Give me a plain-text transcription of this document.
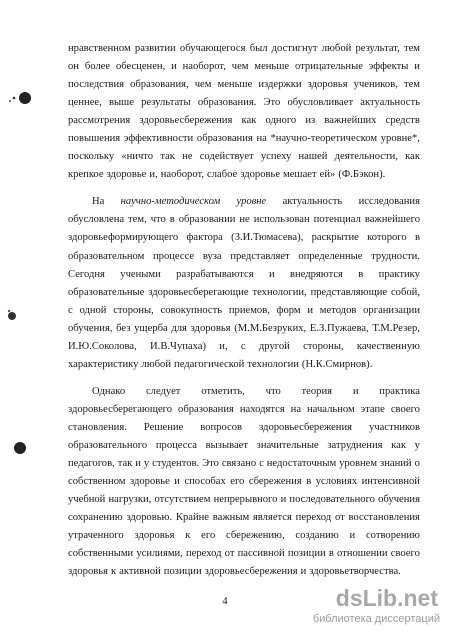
нравственном развитии обучающегося был достигнут любой результат, тем
он более обесценен, и наоборот, чем меньше отрицательные эффекты и
последствия образования, чем меньше издержки здоровья учеников, тем
ценнее, выше результаты образования. Это обусловливает актуальность
рассмотрения здоровьесбережения как одного из важнейших средств
повышения эффективности образования на *научно-теоретическом уровне*,
поскольку «ничто так не содействует успеху нашей деятельности, как
крепкое здоровье и, наоборот, слабое здоровье мешает ей» (Ф.Бэкон).
На научно-методическом уровне актуальность исследования
обусловлена тем, что в образовании не использован потенциал важнейшего
здоровьеформирующего фактора (З.И.Тюмасева), раскрытие которого в
образовательном процессе вуза представляет определенные трудности.
Сегодня учеными разрабатываются и внедряются в практику
образовательные здоровьесберегающие технологии, представляющие собой,
с одной стороны, совокупность приемов, форм и методов организации
обучения, без ущерба для здоровья (М.М.Безруких, Е.З.Пужаева, Т.М.Резер,
И.Ю.Соколова, И.В.Чупаха) и, с другой стороны, качественную
характеристику любой педагогической технологии (Н.К.Смирнов).
Однако следует отметить, что теория и практика
здоровьесберегающего образования находятся на начальном этапе своего
становления. Решение вопросов здоровьесбережения участников
образовательного процесса вызывает значительные затруднения как у
педагогов, так и у студентов. Это связано с недостаточным уровнем знаний о
собственном здоровье и способах его сбережения в условиях интенсивной
учебной нагрузки, отсутствием непрерывного и последовательного обучения
сохранению здоровью. Крайне важным является переход от восстановления
утраченного здоровья к его сбережению, созданию и сотворению
собственными усилиями, переход от пассивной позиции в отношении своего
здоровья к активной позиции здоровьесбережения и здоровьетворчества.
4	dsLib.net
библиотека диссертаций
